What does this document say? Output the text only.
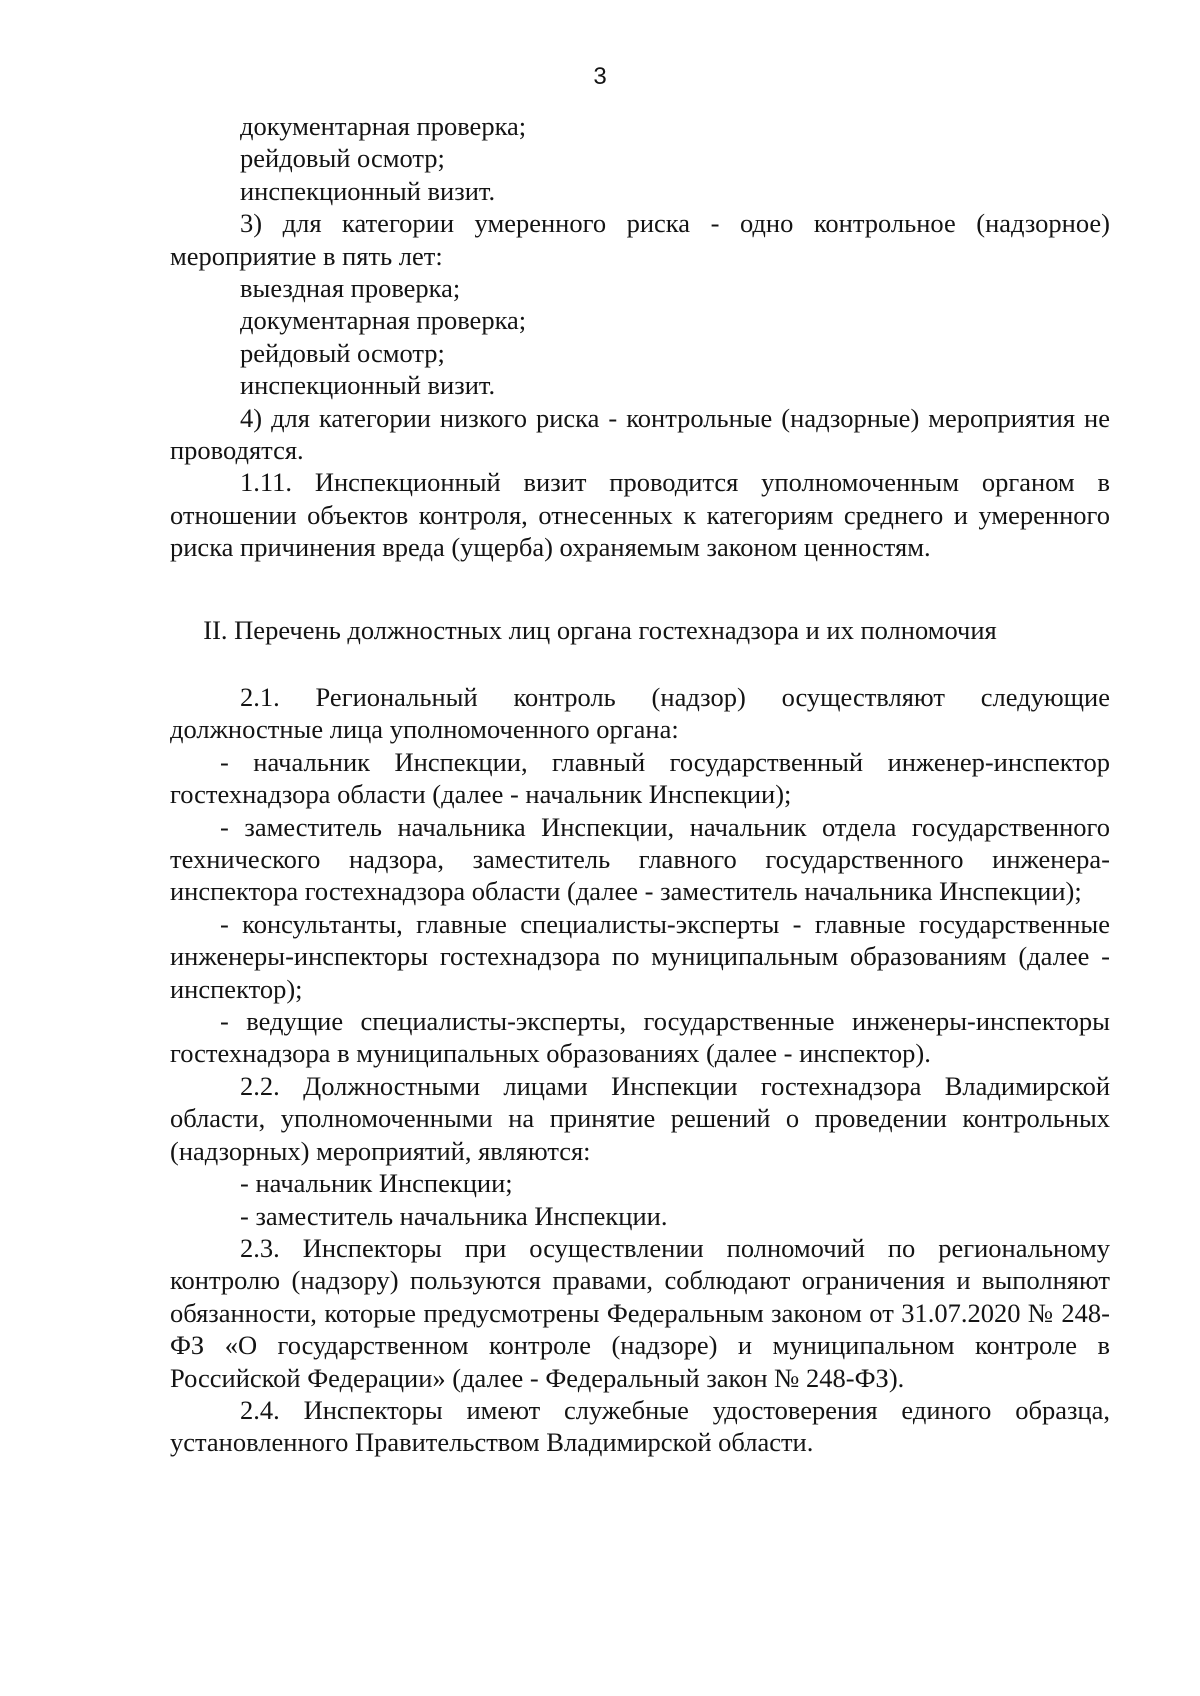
3

документарная проверка;

рейдовый осмотр;

инспекционный визит.

3) для категории умеренного риска - одно контрольное (надзорное) мероприятие в пять лет:

выездная проверка;

документарная проверка;

рейдовый осмотр;

инспекционный визит.

4) для категории низкого риска - контрольные (надзорные) мероприятия не проводятся.

1.11. Инспекционный визит проводится уполномоченным органом в отношении объектов контроля, отнесенных к категориям среднего и умеренного риска причинения вреда (ущерба) охраняемым законом ценностям.

II. Перечень должностных лиц органа гостехнадзора и их полномочия

2.1. Региональный контроль (надзор) осуществляют следующие должностные лица уполномоченного органа:

- начальник Инспекции, главный государственный инженер-инспектор гостехнадзора области (далее - начальник Инспекции);

- заместитель начальника Инспекции, начальник отдела государственного технического надзора, заместитель главного государственного инженера-инспектора гостехнадзора области (далее - заместитель начальника Инспекции);

- консультанты, главные специалисты-эксперты - главные государственные инженеры-инспекторы гостехнадзора по муниципальным образованиям (далее - инспектор);

- ведущие специалисты-эксперты, государственные инженеры-инспекторы гостехнадзора в муниципальных образованиях (далее - инспектор).

2.2. Должностными лицами Инспекции гостехнадзора Владимирской области, уполномоченными на принятие решений о проведении контрольных (надзорных) мероприятий, являются:

- начальник Инспекции;

- заместитель начальника Инспекции.

2.3. Инспекторы при осуществлении полномочий по региональному контролю (надзору) пользуются правами, соблюдают ограничения и выполняют обязанности, которые предусмотрены Федеральным законом от 31.07.2020 № 248-ФЗ «О государственном контроле (надзоре) и муниципальном контроле в Российской Федерации» (далее - Федеральный закон № 248-ФЗ).

2.4. Инспекторы имеют служебные удостоверения единого образца, установленного Правительством Владимирской области.
